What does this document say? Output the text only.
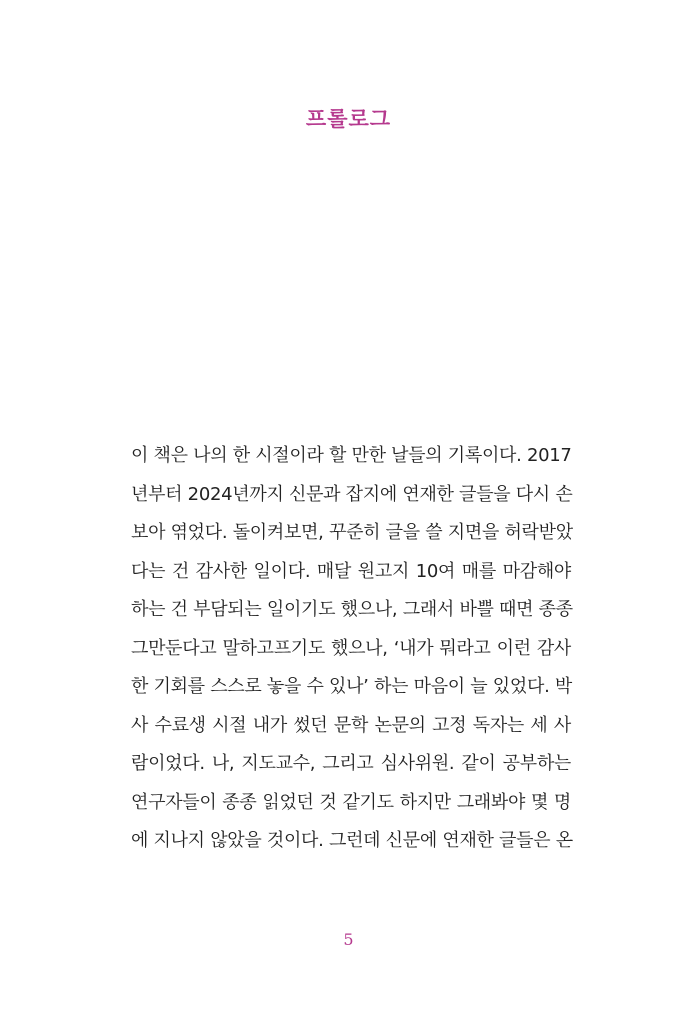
프롤로그
이 책은 나의 한 시절이라 할 만한 날들의 기록이다. 2017
년부터 2024년까지 신문과 잡지에 연재한 글들을 다시 손
보아 엮었다. 돌이켜보면, 꾸준히 글을 쓸 지면을 허락받았
다는 건 감사한 일이다. 매달 원고지 10여 매를 마감해야
하는 건 부담되는 일이기도 했으나, 그래서 바쁠 때면 종종
그만둔다고 말하고프기도 했으나, ‘내가 뭐라고 이런 감사
한 기회를 스스로 놓을 수 있나’ 하는 마음이 늘 있었다. 박
사 수료생 시절 내가 썼던 문학 논문의 고정 독자는 세 사
람이었다. 나, 지도교수, 그리고 심사위원. 같이 공부하는
연구자들이 종종 읽었던 것 같기도 하지만 그래봐야 몇 명
에 지나지 않았을 것이다. 그런데 신문에 연재한 글들은 온
5
